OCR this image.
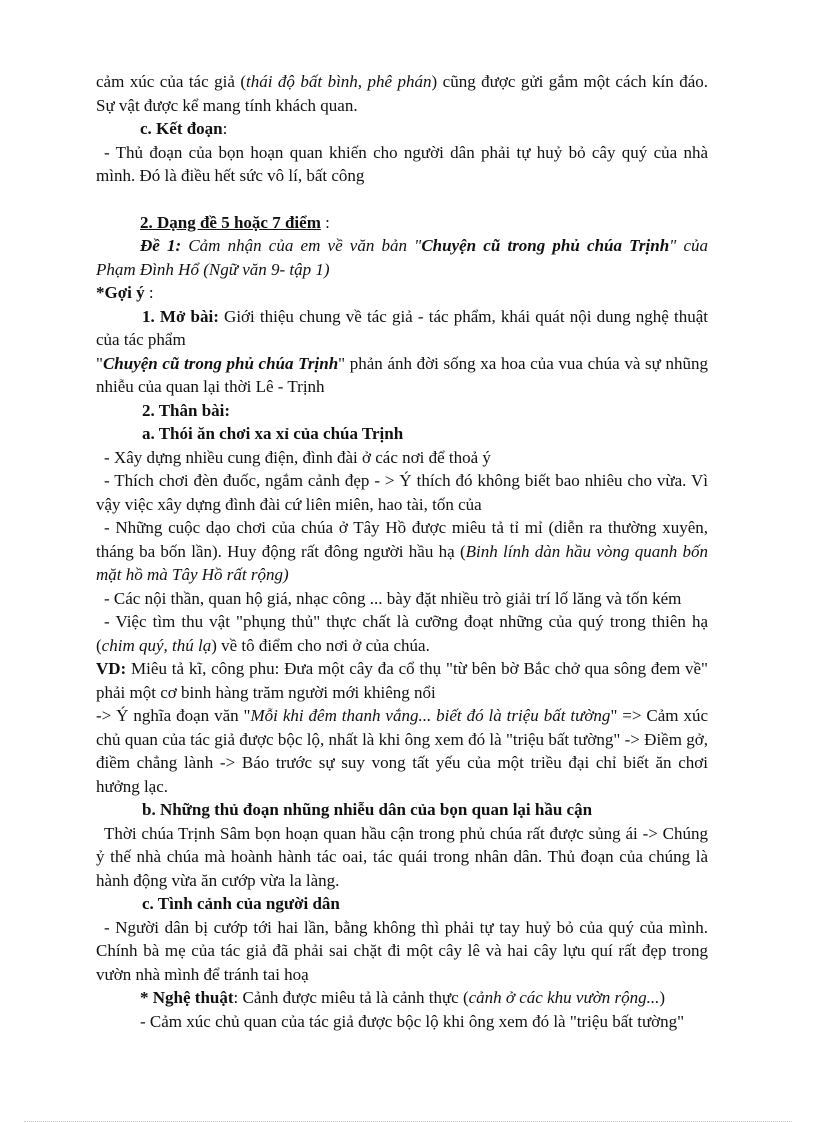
cảm xúc của tác giả (thái độ bất bình, phê phán) cũng được gửi gắm một cách kín đáo. Sự vật được kể mang tính khách quan.

c. Kết đoạn:

- Thủ đoạn của bọn hoạn quan khiến cho người dân phải tự huỷ bỏ cây quý của nhà mình. Đó là điều hết sức vô lí, bất công

2. Dạng đề 5 hoặc 7 điểm :

Đề 1: Cảm nhận của em về văn bản "Chuyện cũ trong phủ chúa Trịnh" của Phạm Đình Hổ (Ngữ văn 9- tập 1)

*Gợi ý :

1. Mở bài: Giới thiệu chung về tác giả - tác phẩm, khái quát nội dung nghệ thuật của tác phẩm

"Chuyện cũ trong phủ chúa Trịnh" phản ánh đời sống xa hoa của vua chúa và sự nhũng nhiễu của quan lại thời Lê - Trịnh

2. Thân bài:

a. Thói ăn chơi xa xỉ của chúa Trịnh

- Xây dựng nhiều cung điện, đình đài ở các nơi để thoả ý

- Thích chơi đèn đuốc, ngắm cảnh đẹp - > Ý thích đó không biết bao nhiêu cho vừa. Vì vậy việc xây dựng đình đài cứ liên miên, hao tài, tốn của

- Những cuộc dạo chơi của chúa ở Tây Hồ được miêu tả tỉ mỉ (diễn ra thường xuyên, tháng ba bốn lần). Huy động rất đông người hầu hạ (Binh lính dàn hầu vòng quanh bốn mặt hồ mà Tây Hồ rất rộng)

- Các nội thần, quan hộ giá, nhạc công ... bày đặt nhiều trò giải trí lố lăng và tốn kém

- Việc tìm thu vật "phụng thủ" thực chất là cưỡng đoạt những của quý trong thiên hạ (chim quý, thú lạ) về tô điểm cho nơi ở của chúa.

VD: Miêu tả kĩ, công phu: Đưa một cây đa cổ thụ "từ bên bờ Bắc chở qua sông đem về" phải một cơ binh hàng trăm người mới khiêng nổi

-> Ý nghĩa đoạn văn "Mỗi khi đêm thanh vắng... biết đó là triệu bất tường" => Cảm xúc chủ quan của tác giả được bộc lộ, nhất là khi ông xem đó là "triệu bất tường" -> Điềm gở, điềm chẳng lành -> Báo trước sự suy vong tất yếu của một triều đại chỉ biết ăn chơi hưởng lạc.

b. Những thủ đoạn nhũng nhiễu dân của bọn quan lại hầu cận

Thời chúa Trịnh Sâm bọn hoạn quan hầu cận trong phủ chúa rất được sủng ái -> Chúng ỷ thế nhà chúa mà hoành hành tác oai, tác quái trong nhân dân. Thủ đoạn của chúng là hành động vừa ăn cướp vừa la làng.

c. Tình cảnh của người dân

- Người dân bị cướp tới hai lần, bằng không thì phải tự tay huỷ bỏ của quý của mình. Chính bà mẹ của tác giả đã phải sai chặt đi một cây lê và hai cây lựu quí rất đẹp trong vườn nhà mình để tránh tai hoạ

* Nghệ thuật: Cảnh được miêu tả là cảnh thực (cảnh ở các khu vườn rộng...)

- Cảm xúc chủ quan của tác giả được bộc lộ khi ông xem đó là "triệu bất tường"
